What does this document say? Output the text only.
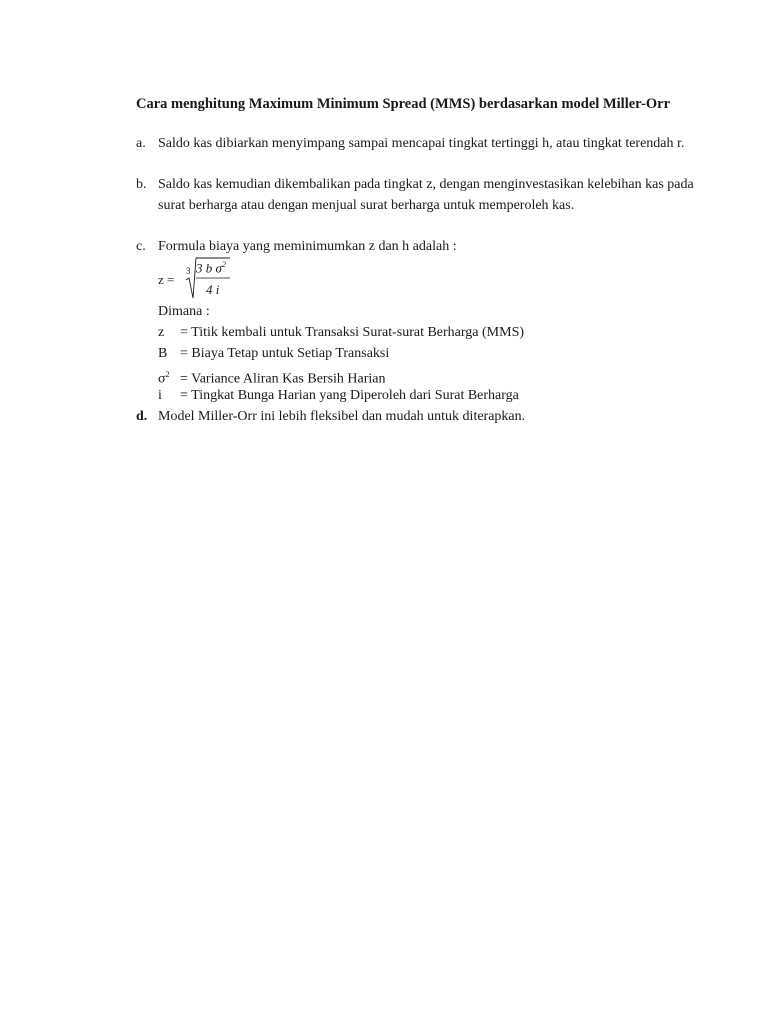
Cara menghitung Maximum Minimum Spread (MMS) berdasarkan model Miller-Orr
a. Saldo kas dibiarkan menyimpang sampai mencapai tingkat tertinggi h, atau tingkat terendah r.
b. Saldo kas kemudian dikembalikan pada tingkat z, dengan menginvestasikan kelebihan kas pada surat berharga atau dengan menjual surat berharga untuk memperoleh kas.
c. Formula biaya yang meminimumkan z dan h adalah :
z =
3 3 b $\sigma^2$
4 i
Dimana :
z = Titik kembali untuk Transaksi Surat-surat Berharga (MMS)
B = Biaya Tetap untuk Setiap Transaksi
$\sigma^2$ = Variance Aliran Kas Bersih Harian
i = Tingkat Bunga Harian yang Diperoleh dari Surat Berharga
d. Model Miller-Orr ini lebih fleksibel dan mudah untuk diterapkan.
